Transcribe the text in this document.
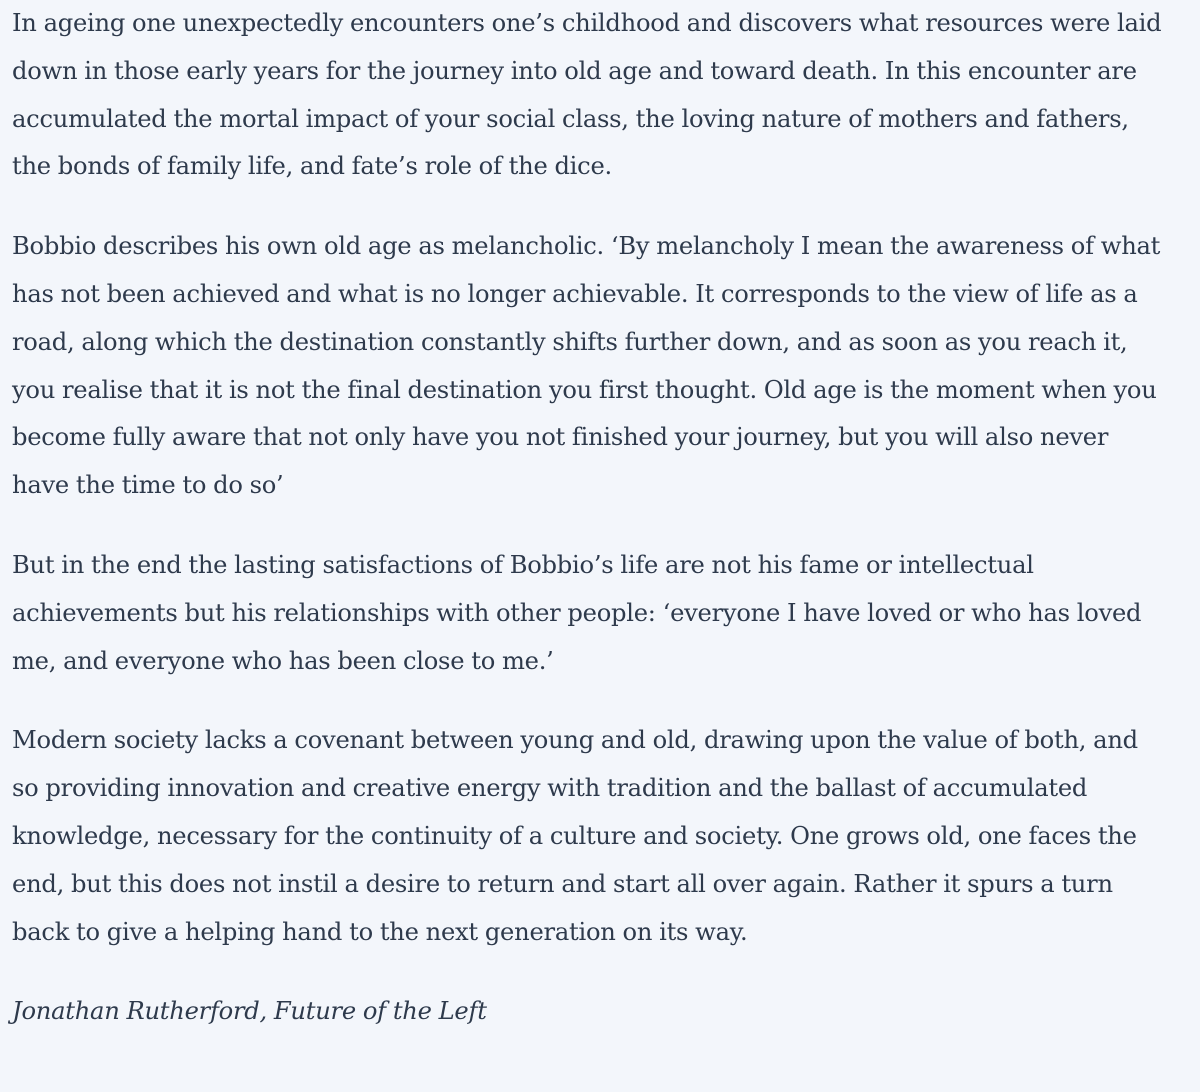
In ageing one unexpectedly encounters one’s childhood and discovers what resources were laid down in those early years for the journey into old age and toward death. In this encounter are accumulated the mortal impact of your social class, the loving nature of mothers and fathers, the bonds of family life, and fate’s role of the dice.

Bobbio describes his own old age as melancholic. ‘By melancholy I mean the awareness of what has not been achieved and what is no longer achievable. It corresponds to the view of life as a road, along which the destination constantly shifts further down, and as soon as you reach it, you realise that it is not the final destination you first thought. Old age is the moment when you become fully aware that not only have you not finished your journey, but you will also never have the time to do so’

But in the end the lasting satisfactions of Bobbio’s life are not his fame or intellectual achievements but his relationships with other people: ‘everyone I have loved or who has loved me, and everyone who has been close to me.’

Modern society lacks a covenant between young and old, drawing upon the value of both, and so providing innovation and creative energy with tradition and the ballast of accumulated knowledge, necessary for the continuity of a culture and society. One grows old, one faces the end, but this does not instil a desire to return and start all over again. Rather it spurs a turn back to give a helping hand to the next generation on its way.

Jonathan Rutherford, Future of the Left
